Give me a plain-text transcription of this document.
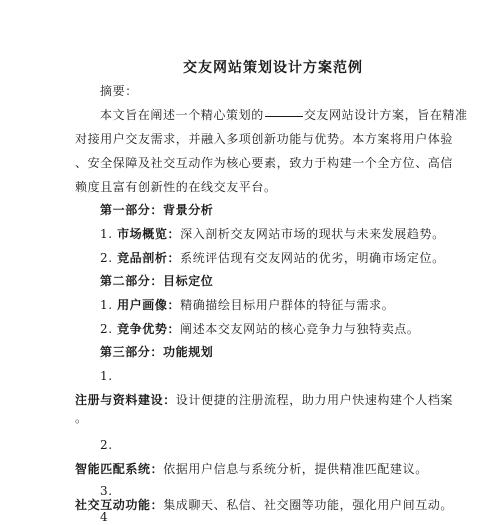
交友网站策划设计方案范例
摘要：
本文旨在阐述一个精心策划的	交友网站设计方案，旨在精准
对接用户交友需求，并融入多项创新功能与优势。本方案将用户体验
、安全保障及社交互动作为核心要素，致力于构建一个全方位、高信
赖度且富有创新性的在线交友平台。
第一部分：背景分析
1. 市场概览：深入剖析交友网站市场的现状与未来发展趋势。
2. 竞品剖析：系统评估现有交友网站的优劣，明确市场定位。
第二部分：目标定位
1. 用户画像：精确描绘目标用户群体的特征与需求。
2. 竞争优势：阐述本交友网站的核心竞争力与独特卖点。
第三部分：功能规划
1.
注册与资料建设：设计便捷的注册流程，助力用户快速构建个人档案
。
2.
智能匹配系统：依据用户信息与系统分析，提供精准匹配建议。
3.
社交互动功能：集成聊天、私信、社交圈等功能，强化用户间互动。
4
